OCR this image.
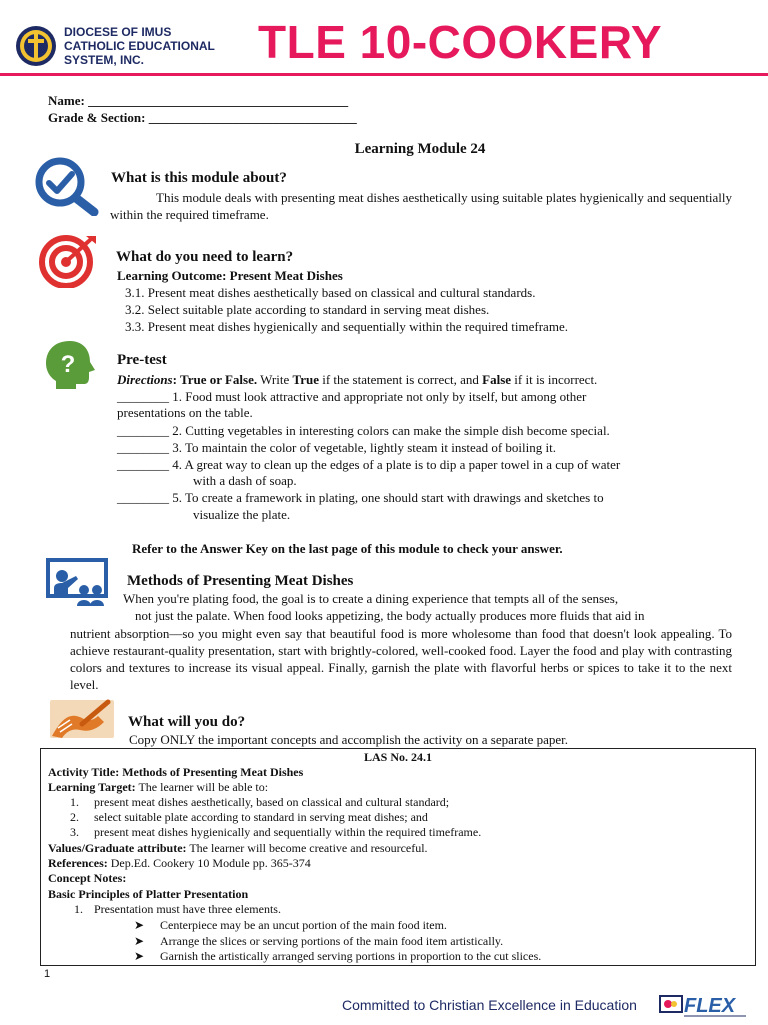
DIOCESE OF IMUS
CATHOLIC EDUCATIONAL
SYSTEM, INC.	TLE 10-COOKERY
Name: ________________________________________
Grade & Section: ________________________________
Learning Module 24
What is this module about?
This module deals with presenting meat dishes aesthetically using suitable plates hygienically and sequentially within the required timeframe.
What do you need to learn?
Learning Outcome: Present Meat Dishes
3.1. Present meat dishes aesthetically based on classical and cultural standards.
3.2. Select suitable plate according to standard in serving meat dishes.
3.3. Present meat dishes hygienically and sequentially within the required timeframe.
?	Pre-test
Directions: True or False. Write True if the statement is correct, and False if it is incorrect.
________ 1. Food must look attractive and appropriate not only by itself, but among other
presentations on the table.
________ 2. Cutting vegetables in interesting colors can make the simple dish become special.
________ 3. To maintain the color of vegetable, lightly steam it instead of boiling it.
________ 4. A great way to clean up the edges of a plate is to dip a paper towel in a cup of water
with a dash of soap.
________ 5. To create a framework in plating, one should start with drawings and sketches to
visualize the plate.
Refer to the Answer Key on the last page of this module to check your answer.
Methods of Presenting Meat Dishes
When you're plating food, the goal is to create a dining experience that tempts all of the senses,
not just the palate. When food looks appetizing, the body actually produces more fluids that aid in
nutrient absorption—so you might even say that beautiful food is more wholesome than food that doesn't look appealing. To achieve restaurant-quality presentation, start with brightly-colored, well-cooked food. Layer the food and play with contrasting colors and textures to increase its visual appeal. Finally, garnish the plate with flavorful herbs or spices to take it to the next level.
What will you do?
Copy ONLY the important concepts and accomplish the activity on a separate paper.
LAS No. 24.1
Activity Title: Methods of Presenting Meat Dishes
Learning Target: The learner will be able to:
1. present meat dishes aesthetically, based on classical and cultural standard;
2. select suitable plate according to standard in serving meat dishes; and
3. present meat dishes hygienically and sequentially within the required timeframe.
Values/Graduate attribute: The learner will become creative and resourceful.
References: Dep.Ed. Cookery 10 Module pp. 365-374
Concept Notes:
Basic Principles of Platter Presentation
1. Presentation must have three elements.
➤ Centerpiece may be an uncut portion of the main food item.
➤ Arrange the slices or serving portions of the main food item artistically.
➤ Garnish the artistically arranged serving portions in proportion to the cut slices.
1
Committed to Christian Excellence in Education FLEX
